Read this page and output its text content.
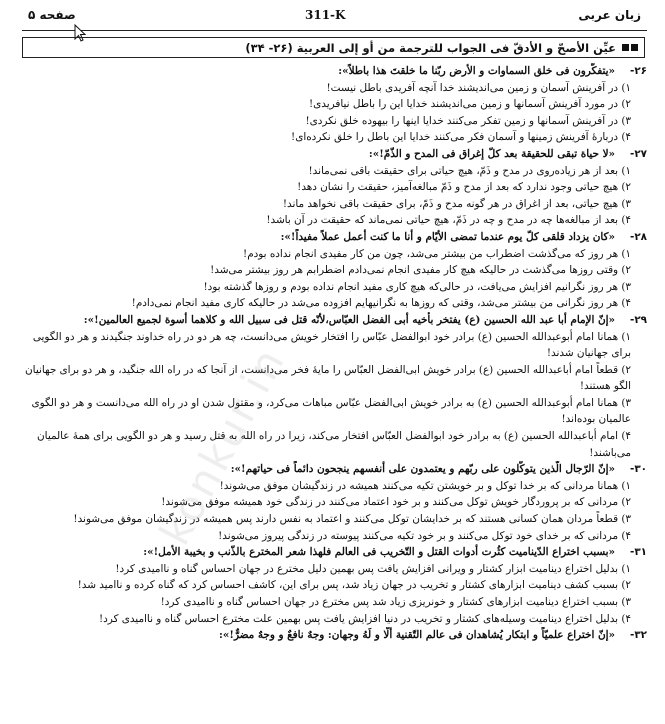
صفحه ۵	311-K	زبان عربی
عیِّن الأصحّ و الأدقّ فی الجواب للترجمة من أو إلی العربیة (۲۶- ۳۴)
۲۶-«یتفکّرون فی خلق السماوات و الأرض ربّنا ما خلقتَ هذا باطلاً»:
۱) در آفرینش آسمان و زمین می‌اندیشند خدا آنچه آفریدی باطل نیست!
۲) در مورد آفرینش آسمانها و زمین می‌اندیشند خدایا این را باطل نیافریدی!
۳) در آفرینش آسمانها و زمین تفکر می‌کنند خدایا اینها را بیهوده خلق نکردی!
۴) دربارهٔ آفرینش زمینها و آسمان فکر می‌کنند خدایا این باطل را خلق نکرده‌ای!
۲۷-«لا حیاة تبقی للحقیقة بعد کلّ إغراق فی المدح و الذّمّ!»:
۱) بعد از هر زیاده‌روی در مدح و ذَمّ، هیچ حیاتی برای حقیقت باقی نمی‌ماند!
۲) هیچ حیاتی وجود ندارد که بعد از مدح و ذَمّ مبالغه‌آمیز، حقیقت را نشان دهد!
۳) هیچ حیاتی، بعد از اغراق در هر گونه مدح و ذَمّ، برای حقیقت باقی نخواهد ماند!
۴) بعد از مبالغه‌ها چه در مدح و چه در ذَمّ، هیچ حیاتی نمی‌ماند که حقیقت در آن باشد!
۲۸-«کان یزداد قلقی کلّ یوم عندما تمضی الأیّام و أنا ما کنت أعمل عملاً مفیداً!»:
۱) هر روز که می‌گذشت اضطراب من بیشتر می‌شد، چون من کار مفیدی انجام نداده بودم!
۲) وقتی روزها می‌گذشت در حالیکه هیچ کار مفیدی انجام نمی‌دادم اضطرابم هر روز بیشتر می‌شد!
۳) هر روز نگرانیم افزایش می‌یافت، در حالی‌که هیچ کاری مفید انجام نداده بودم و روزها گذشته بود!
۴) هر روز نگرانی من بیشتر می‌شد، وقتی که روزها به نگرانیهایم افزوده می‌شد در حالیکه کاری مفید انجام نمی‌دادم!
۲۹-«إنّ الإمام أبا عبد الله الحسین (ع) یفتخر بأخیه أبی الفضل العبّاس،لأنّه قتل فی سبیل الله و کلاهما أسوة لجمیع العالمین!»:
۱) همانا امام أبوعبدالله الحسین (ع) برادر خود ابوالفضل عبّاس را افتخار خویش می‌دانست، چه هر دو در راه خداوند جنگیدند و هر دو الگویی برای جهانیان شدند!
۲) قطعاً امام أباعبدالله الحسین (ع) برادر خویش ابی‌الفضل العبّاس را مایهٔ فخر می‌دانست، از آنجا که در راه الله جنگید، و هر دو برای جهانیان الگو هستند!
۳) همانا امام أبوعبدالله الحسین (ع) به برادر خویش ابی‌الفضل عبّاس مباهات می‌کرد، و مقتول شدن او در راه الله می‌دانست و هر دو الگوی عالمیان بوده‌اند!
۴) امام أباعبدالله الحسین (ع) به برادر خود ابوالفضل العبّاس افتخار می‌کند، زیرا در راه الله به قتل رسید و هر دو الگویی برای همهٔ عالمیان می‌باشند!
۳۰-«إنّ الرّجال الّذین یتوکّلون علی ربّهم و یعتمدون علی أنفسهم ینجحون دائماً فی حیاتهم!»:
۱) همانا مردانی که بر خدا توکل و بر خویشتن تکیه می‌کنند همیشه در زندگیشان موفق می‌شوند!
۲) مردانی که بر پروردگار خویش توکل می‌کنند و بر خود اعتماد می‌کنند در زندگی خود همیشه موفق می‌شوند!
۳) قطعاً مردان همان کسانی هستند که بر خدایشان توکل می‌کنند و اعتماد به نفس دارند پس همیشه در زندگیشان موفق می‌شوند!
۴) مردانی که بر خدای خود توکل می‌کنند و بر خود تکیه می‌کنند پیوسته در زندگی پیروز می‌شوند!
۳۱-«بسبب اختراع الدّینامیت کثُرت أدوات القتل و التّخریب فی العالم فلهذا شعر المخترع بالذّنب و بخیبة الأمل!»:
۱) بدلیل اختراع دینامیت ابزار کشتار و ویرانی افزایش یافت پس بهمین دلیل مخترع در جهان احساس گناه و ناامیدی کرد!
۲) بسبب کشف دینامیت ابزارهای کشتار و تخریب در جهان زیاد شد، پس برای این، کاشف احساس کرد که گناه کرده و ناامید شد!
۳) بسبب اختراع دینامیت ابزارهای کشتار و خونریزی زیاد شد پس مخترع در جهان احساس گناه و ناامیدی کرد!
۴) بدلیل اختراع دینامیت وسیله‌های کشتار و تخریب در دنیا افزایش یافت پس بهمین علت مخترع احساس گناه و ناامیدی کرد!
۳۲-«إنّ اختراع علمیّاً و ابتکار یُشاهدان فی عالم التّقنیة ألّا و لَهُ وجهان: وجهٌ نافعٌ و وجهٌ مضرٌّ!»:
konkur.in
